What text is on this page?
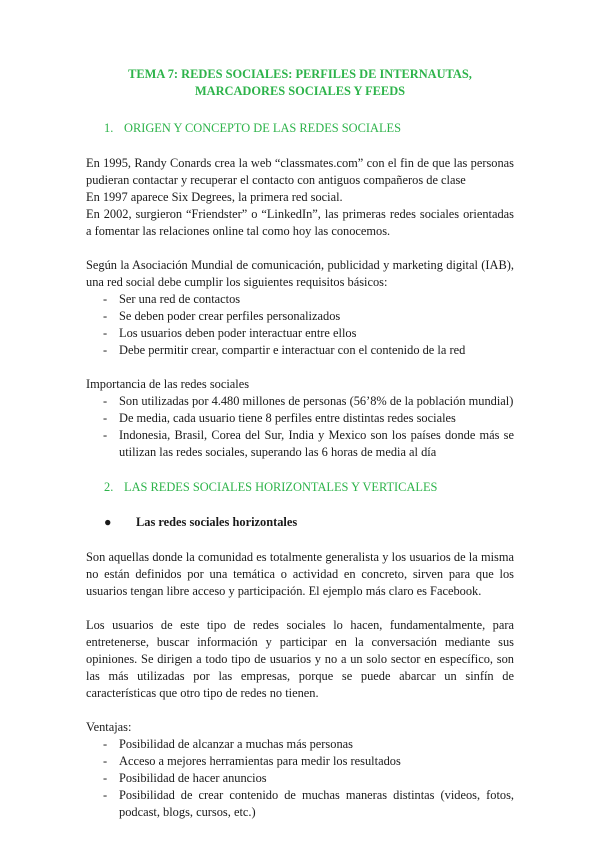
TEMA 7: REDES SOCIALES: PERFILES DE INTERNAUTAS, MARCADORES SOCIALES Y FEEDS
1. ORIGEN Y CONCEPTO DE LAS REDES SOCIALES

En 1995, Randy Conards crea la web “classmates.com” con el fin de que las personas pudieran contactar y recuperar el contacto con antiguos compañeros de clase

En 1997 aparece Six Degrees, la primera red social.

En 2002, surgieron “Friendster” o “LinkedIn”, las primeras redes sociales orientadas a fomentar las relaciones online tal como hoy las conocemos.

Según la Asociación Mundial de comunicación, publicidad y marketing digital (IAB), una red social debe cumplir los siguientes requisitos básicos:

- Ser una red de contactos
- Se deben poder crear perfiles personalizados
- Los usuarios deben poder interactuar entre ellos
- Debe permitir crear, compartir e interactuar con el contenido de la red

Importancia de las redes sociales

- Son utilizadas por 4.480 millones de personas (56’8% de la población mundial)
- De media, cada usuario tiene 8 perfiles entre distintas redes sociales
- Indonesia, Brasil, Corea del Sur, India y Mexico son los países donde más se utilizan las redes sociales, superando las 6 horas de media al día
2. LAS REDES SOCIALES HORIZONTALES Y VERTICALES
●	Las redes sociales horizontales

Son aquellas donde la comunidad es totalmente generalista y los usuarios de la misma no están definidos por una temática o actividad en concreto, sirven para que los usuarios tengan libre acceso y participación. El ejemplo más claro es Facebook.

Los usuarios de este tipo de redes sociales lo hacen, fundamentalmente, para entretenerse, buscar información y participar en la conversación mediante sus opiniones. Se dirigen a todo tipo de usuarios y no a un solo sector en específico, son las más utilizadas por las empresas, porque se puede abarcar un sinfín de características que otro tipo de redes no tienen.

Ventajas:

- Posibilidad de alcanzar a muchas más personas
- Acceso a mejores herramientas para medir los resultados
- Posibilidad de hacer anuncios
- Posibilidad de crear contenido de muchas maneras distintas (videos, fotos, podcast, blogs, cursos, etc.)
